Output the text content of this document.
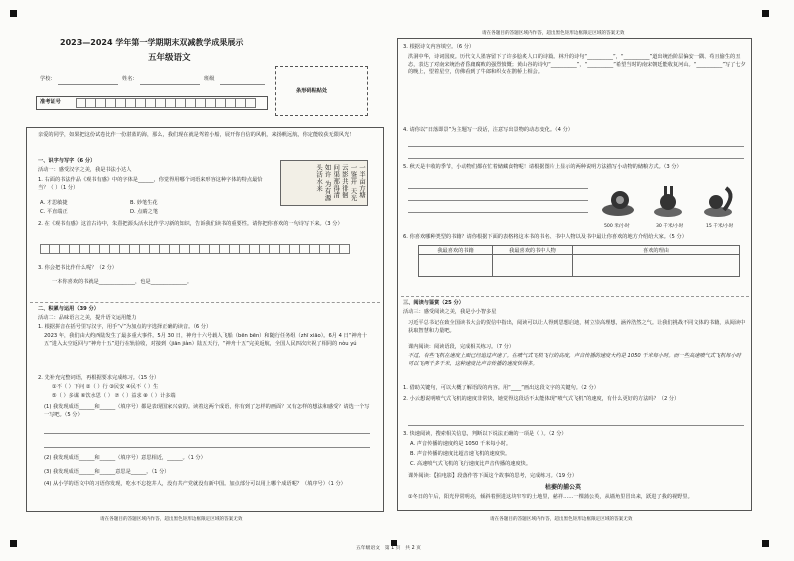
2023—2024 学年第一学期期末双减教学成果展示
五年级语文
学校：	姓名：	班级
准考证号
条形码粘贴处
亲爱的同学，如果把这份试卷比作一份湛蓝的海，那么，我们现在就是驾着小船，展开你自信的风帆，来扬帆远航，你定能收获无限风光！
一、识字与写字（6 分）
活动一：感受汉字之美，我是书法小达人
1. 右面的书法作品《观书有感》中的字体是______，你觉得用哪个词语来形容这种字体的特点最恰当？（ ）（1 分）
A. 才思敏捷	B. 妙笔生花
C. 平直端正	D. 点睛之笔
一半亩方塘一鉴开 天光云影共徘徊 问渠那得清如许 为有源头活水来
2. 在《观书有感》这首古诗中，朱熹把源头活水比作学习新的知识，告诉我们读书的重要性。请你把你喜欢的一句诗写下来。（3 分）
3. 你会把书比作什么呢？（2 分）
一本你喜欢的书就是______________，也是______________。
二、积累与运用（39 分）
活动二：品味语言之美，提升语文运用能力
1. 根据拼音在括号里写汉字，用手“√”为加点的字选择正确的读音。（6 分）
2023 年，我们由大约西陆发生了最多重大事件。5月 30 日，神舟十六号载人飞船（bēn bēn）和随行任务组（zhī xiāo）。6月 4 日“神舟十五”进入太空返回与“神舟十五”进行在轨验收，对接到（jiān jiàn）陆五天行，“神舟十五”完美返航，全国人民四次庆祝了相同的 nòu yú
2. 先补充完整词语，再根据要求完成练习。（15 分）
①不（ ）下问 ②（ ）行 ③民安 ④民不（ ）生
⑤（ ）多谋 ⑥饮水思（ ） ⑦（ ）益求 ⑧（ ）计多端
(1) 我发现成语______和______（填序号）都是表现国家兴衰的。读着这两个成语，你有到了怎样的画面？又有怎样的想法和感受？请选一个写一写吧。（5 分）
(2) 我发现成语______和______（填序号）意思相近，______。（1 分）
(3) 我发现成语______和______意思是______。（1 分）
(4) 从小学的语文中的习语你发现，吃水不忘挖井人，没有共产党就没有新中国。加点部分可以用上哪个成语呢？（填序号）（1 分）
请在各题目的答题区域内作答，超出黑色矩形边框限定区域的答案无效
请在各题目的答题区域内作答，超出黑色矩形边框限定区域的答案无效
3. 根据诗文内容填空。（6 分）
洪洞中华，诗词国度。历代文人墨客留下了许多脍炙人口的诗篇。林升的诗句“__________”，“__________”道出统治阶层偏安一隅、苟且偷生的丑态，表达了对南宋统治者昏庸腐败的强烈愤慨；黄山谷的诗句“__________”，“__________”希望当时的南宋朝廷能收复河山。“__________”写了七夕的晚上，望着星空，仿佛看到了牛郎和织女在鹊桥上相会。
4. 请你以“日落即景”为主题写一段话，注意写出景物的动态变化。（4 分）
5. 秋天是丰收的季节，小动物们都在忙着储藏食物呢！请根据图片上显示的两种说明方法描写小动物的储粮方式。（3 分）
500 米/小时	30 千米/小时	15 千米/小时
6. 你喜欢哪种类型的书籍？请你根据下面的表格将这本书的书名、书中人物以及书中最让你喜欢的地方介绍给大家。（5 分）
我最喜欢的书籍	我最喜欢的书中人物	喜欢的理由

三、阅读与鉴赏（25 分）
活动三：感受阅读之美，我是小小智多星
习近平总书记在致全国读书大会的贺信中指出，阅读可以让人得到思想启迪，树立崇高理想，涵养浩然之气。让我们挑战不同文体的书籍，从阅读中获取智慧和力量吧。
课内阅读：阅读语段，完成相关练习。（7 分）
不过，有些飞机在速度上面已经追过声速了。在喷气式飞机飞行的高度，声音传播的速度大约是 1050 千米每小时。而一些高速喷气式飞机每小时可以飞两千多千米，这种速度比声音传播的速度快得多。
1. 借助关键句，可以大概了解语段的内容。用“____”画出这段文字的关键句。（2 分）
2. 小云想说明喷气式飞机的速度非常快，她觉得这段话不太能体现“喷气式飞机”的速度，有什么更好的方法吗？（2 分）
3. 快速阅读，搜索相关信息，判断以下说法正确的一项是（ ）。（2 分）
A. 声音传播的速度约是 1050 千米每小时。
B. 声音传播的速度比超音速飞机的速度快。
C. 高速喷气式飞机的飞行速度比声音传播的速度快。
课外阅读：【拍电影】段落作答下面这个故事的思考，完成练习。（19 分）
枯萎的捕公英
①冬日的午后，阳光异常明亮，倾斜着照进这块窄窄的土地里，慈祥……一棵蒲公英，从墙角里冒出来，跃进了我的视野里。
请在各题目的答题区域内作答，超出黑色矩形边框限定区域的答案无效
五年级语文　第 1 页　共 2 页
